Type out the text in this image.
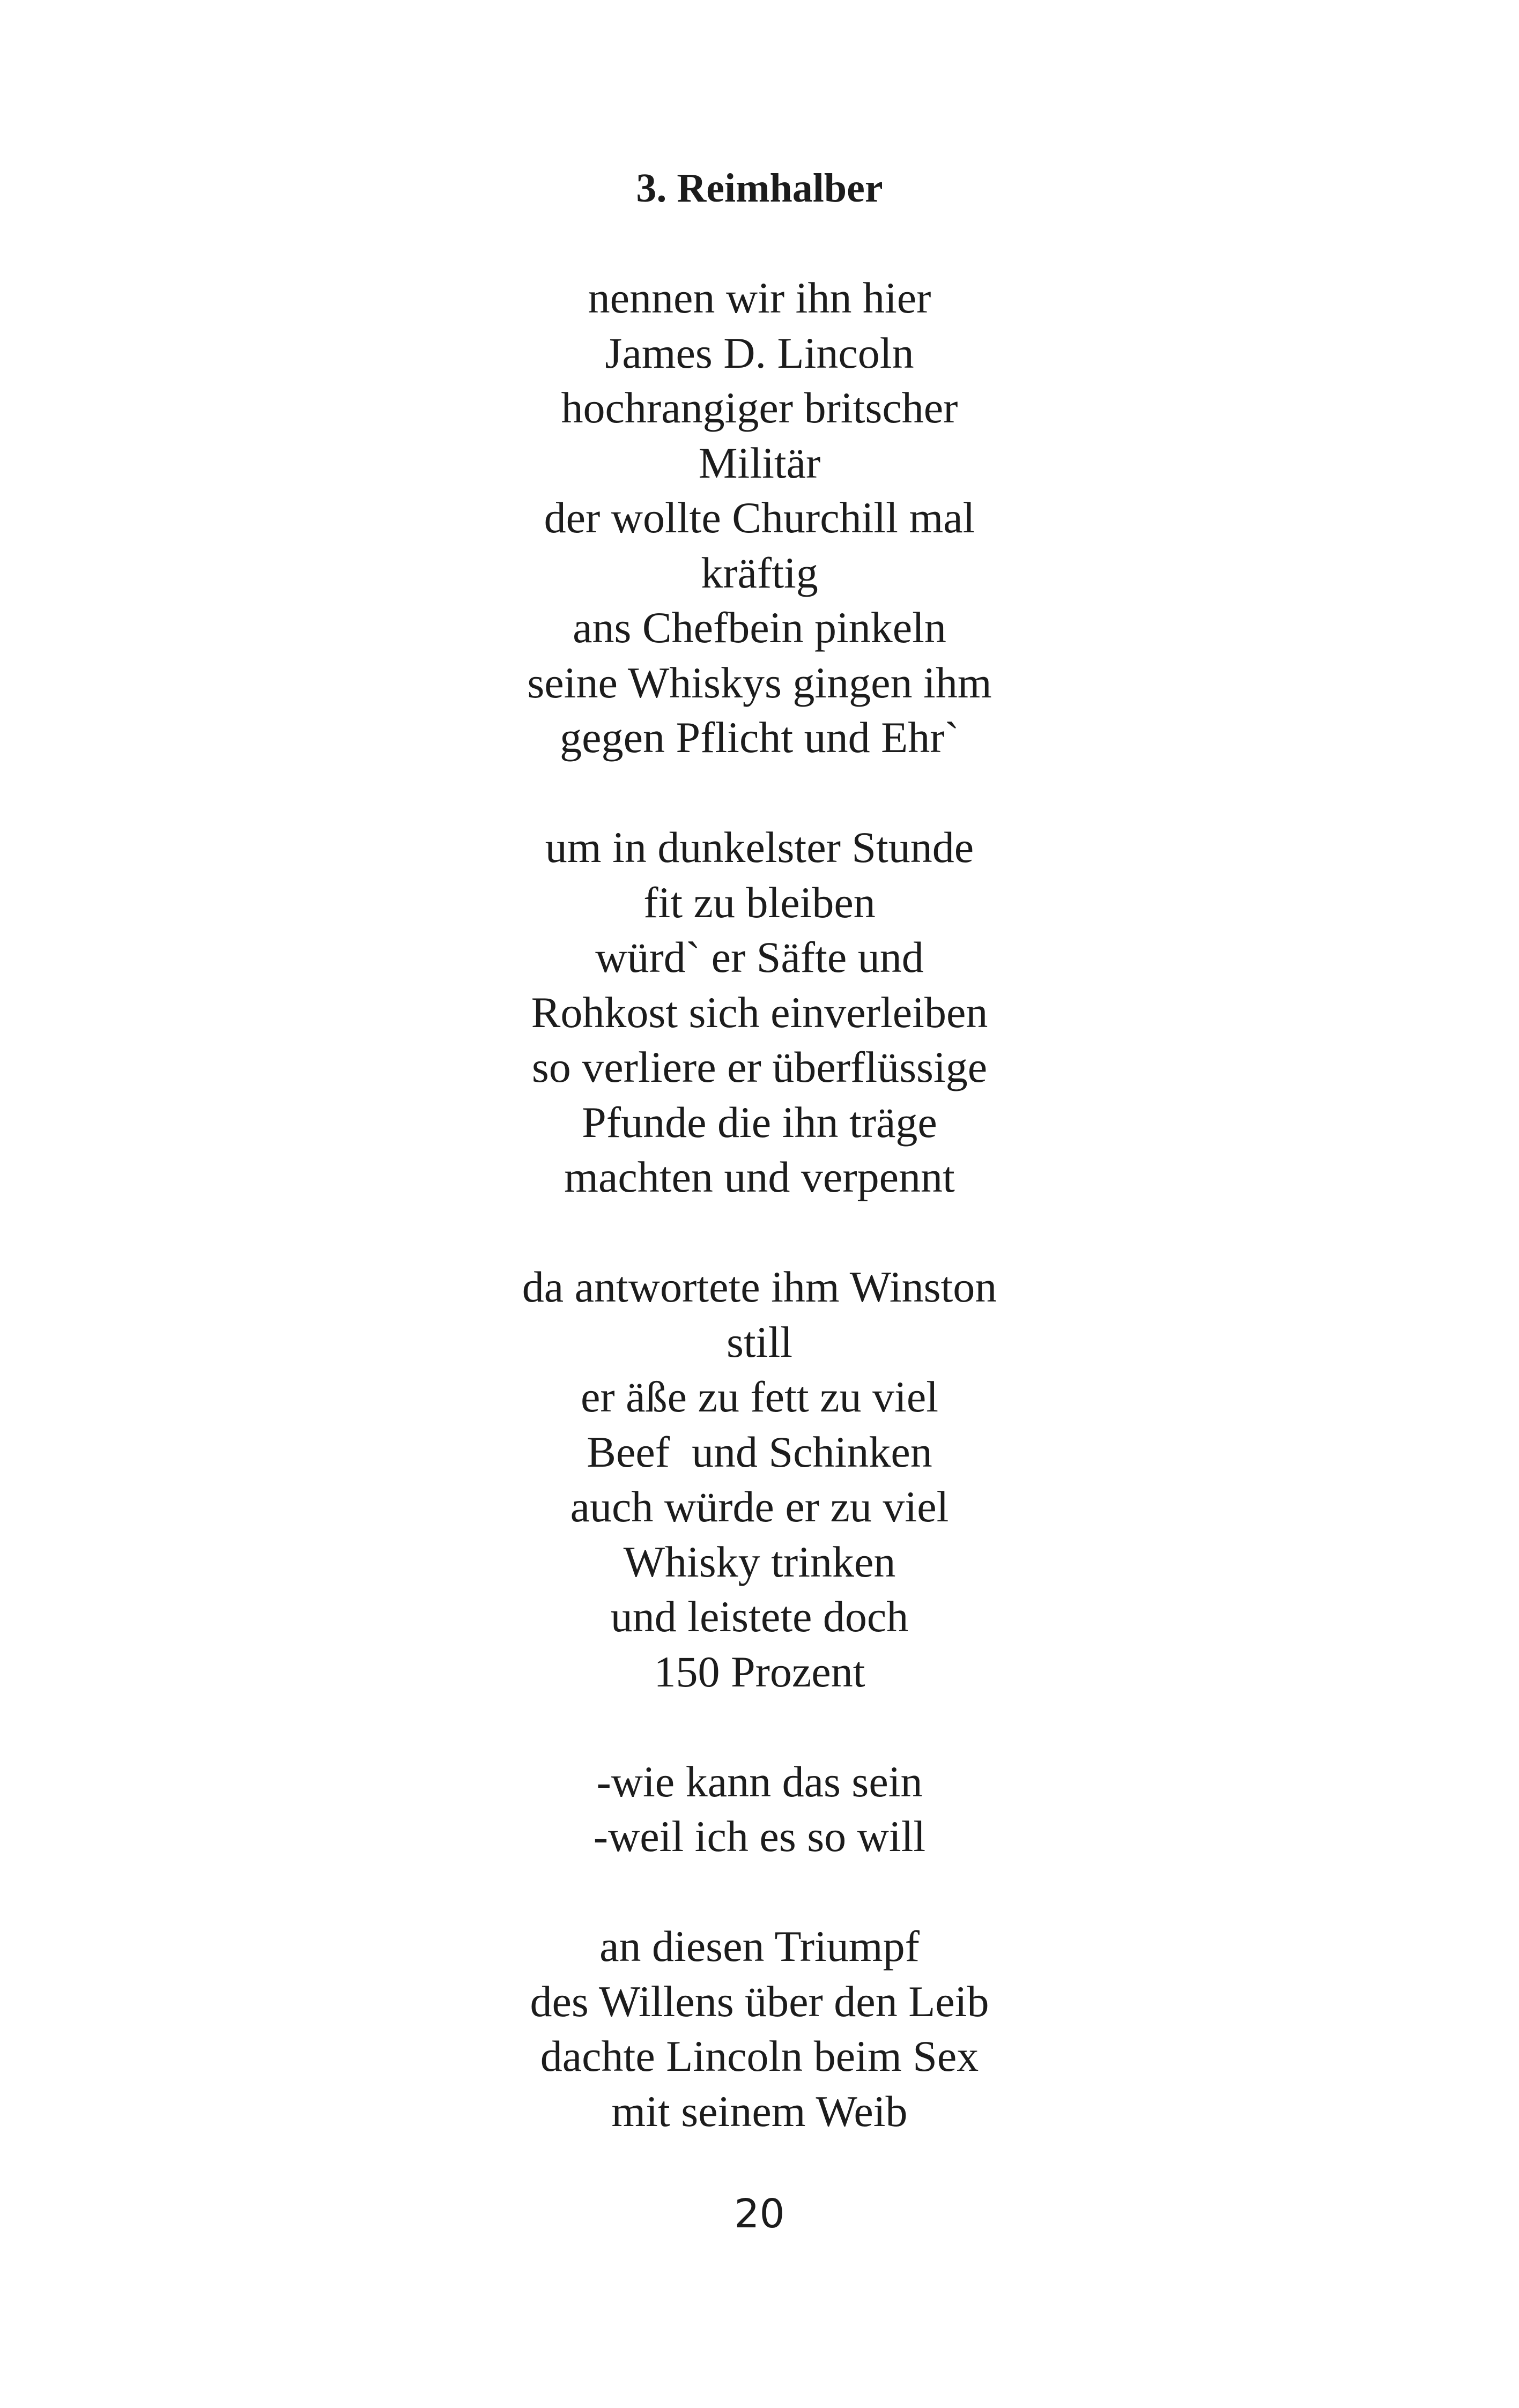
3. Reimhalber
nennen wir ihn hier
James D. Lincoln
hochrangiger britscher
Militär
der wollte Churchill mal
kräftig
ans Chefbein pinkeln
seine Whiskys gingen ihm
gegen Pflicht und Ehr`
um in dunkelster Stunde
fit zu bleiben
würd` er Säfte und
Rohkost sich einverleiben
so verliere er überflüssige
Pfunde die ihn träge
machten und verpennt
da antwortete ihm Winston
still
er äße zu fett zu viel
Beef  und Schinken
auch würde er zu viel
Whisky trinken
und leistete doch
150 Prozent
-wie kann das sein
-weil ich es so will
an diesen Triumpf
des Willens über den Leib
dachte Lincoln beim Sex
mit seinem Weib
20
